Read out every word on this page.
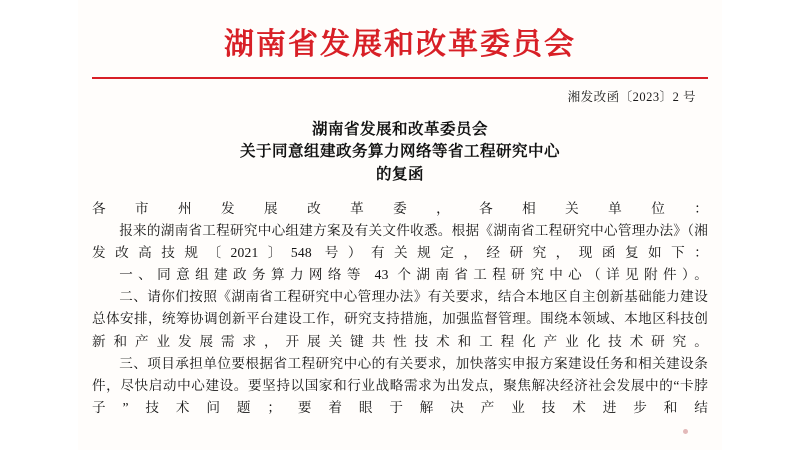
湖南省发展和改革委员会
湘发改函〔2023〕2 号
湖南省发展和改革委员会
关于同意组建政务算力网络等省工程研究中心
的复函

各市州发展改革委，各相关单位：

报来的湖南省工程研究中心组建方案及有关文件收悉。根据《湖南省工程研究中心管理办法》（湘发改高技规〔2021〕548 号）有关规定，经研究，现函复如下：

一、同意组建政务算力网络等 43 个湖南省工程研究中心（详见附件）。

二、请你们按照《湖南省工程研究中心管理办法》有关要求，结合本地区自主创新基础能力建设总体安排，统筹协调创新平台建设工作，研究支持措施，加强监督管理。围绕本领域、本地区科技创新和产业发展需求，开展关键共性技术和工程化产业化技术研究。

三、项目承担单位要根据省工程研究中心的有关要求，加快落实申报方案建设任务和相关建设条件，尽快启动中心建设。要坚持以国家和行业战略需求为出发点，聚焦解决经济社会发展中的“卡脖子”技术问题；要着眼于解决产业技术进步和结
